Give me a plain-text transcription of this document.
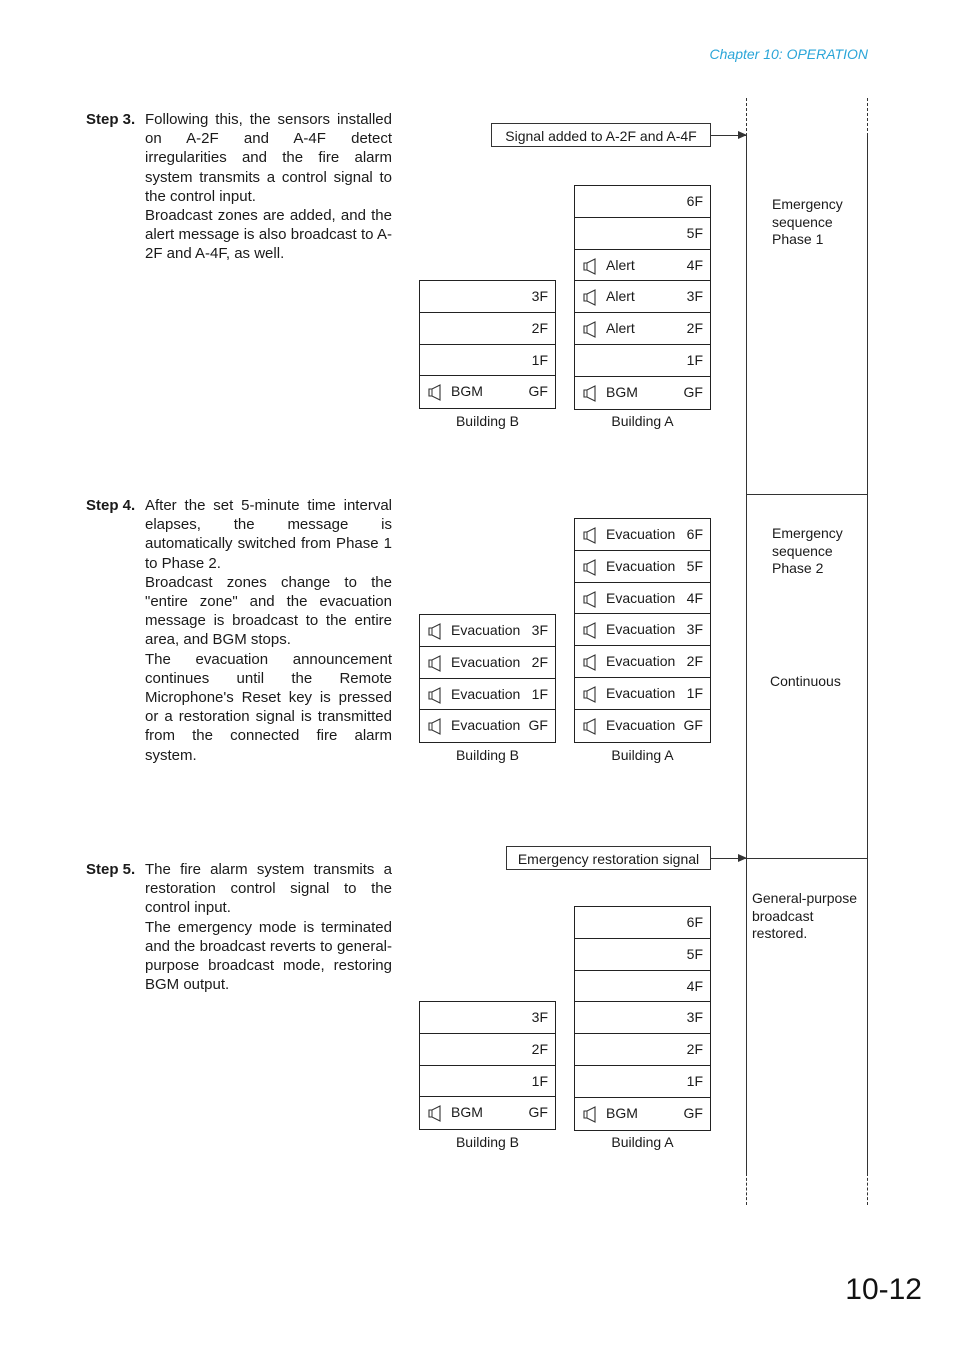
Chapter 10: OPERATION
Step 3. Following this, the sensors installed on A-2F and A-4F detect irregularities and the fire alarm system transmits a control signal to the control input.

Broadcast zones are added, and the alert message is also broadcast to A-2F and A-4F, as well.

Step 4. After the set 5-minute time interval elapses, the message is automatically switched from Phase 1 to Phase 2.

Broadcast zones change to the "entire zone" and the evacuation message is broadcast to the entire area, and BGM stops.

The evacuation announcement continues until the Remote Microphone's Reset key is pressed or a restoration signal is transmitted from the connected fire alarm system.

Step 5. The fire alarm system transmits a restoration control signal to the control input.

The emergency mode is terminated and the broadcast reverts to general-purpose broadcast mode, restoring BGM output.

Signal added to A-2F and A-4F
Emergency restoration signal
3F
2F
1F
BGM	GF
6F
5F
Alert	4F
Alert	3F
Alert	2F
1F
BGM	GF
Building B	Building A
Evacuation 3F
Evacuation 2F
Evacuation 1F
Evacuation GF
Evacuation 6F
Evacuation 5F
Evacuation 4F
Evacuation 3F
Evacuation 2F
Evacuation 1F
Evacuation GF
Building B	Building A
3F
2F
1F
BGM	GF
6F
5F
4F
3F
2F
1F
BGM	GF
Building B	Building A
Emergency sequence Phase 1
Emergency sequence Phase 2
Continuous
General-purpose broadcast restored.
10-12
